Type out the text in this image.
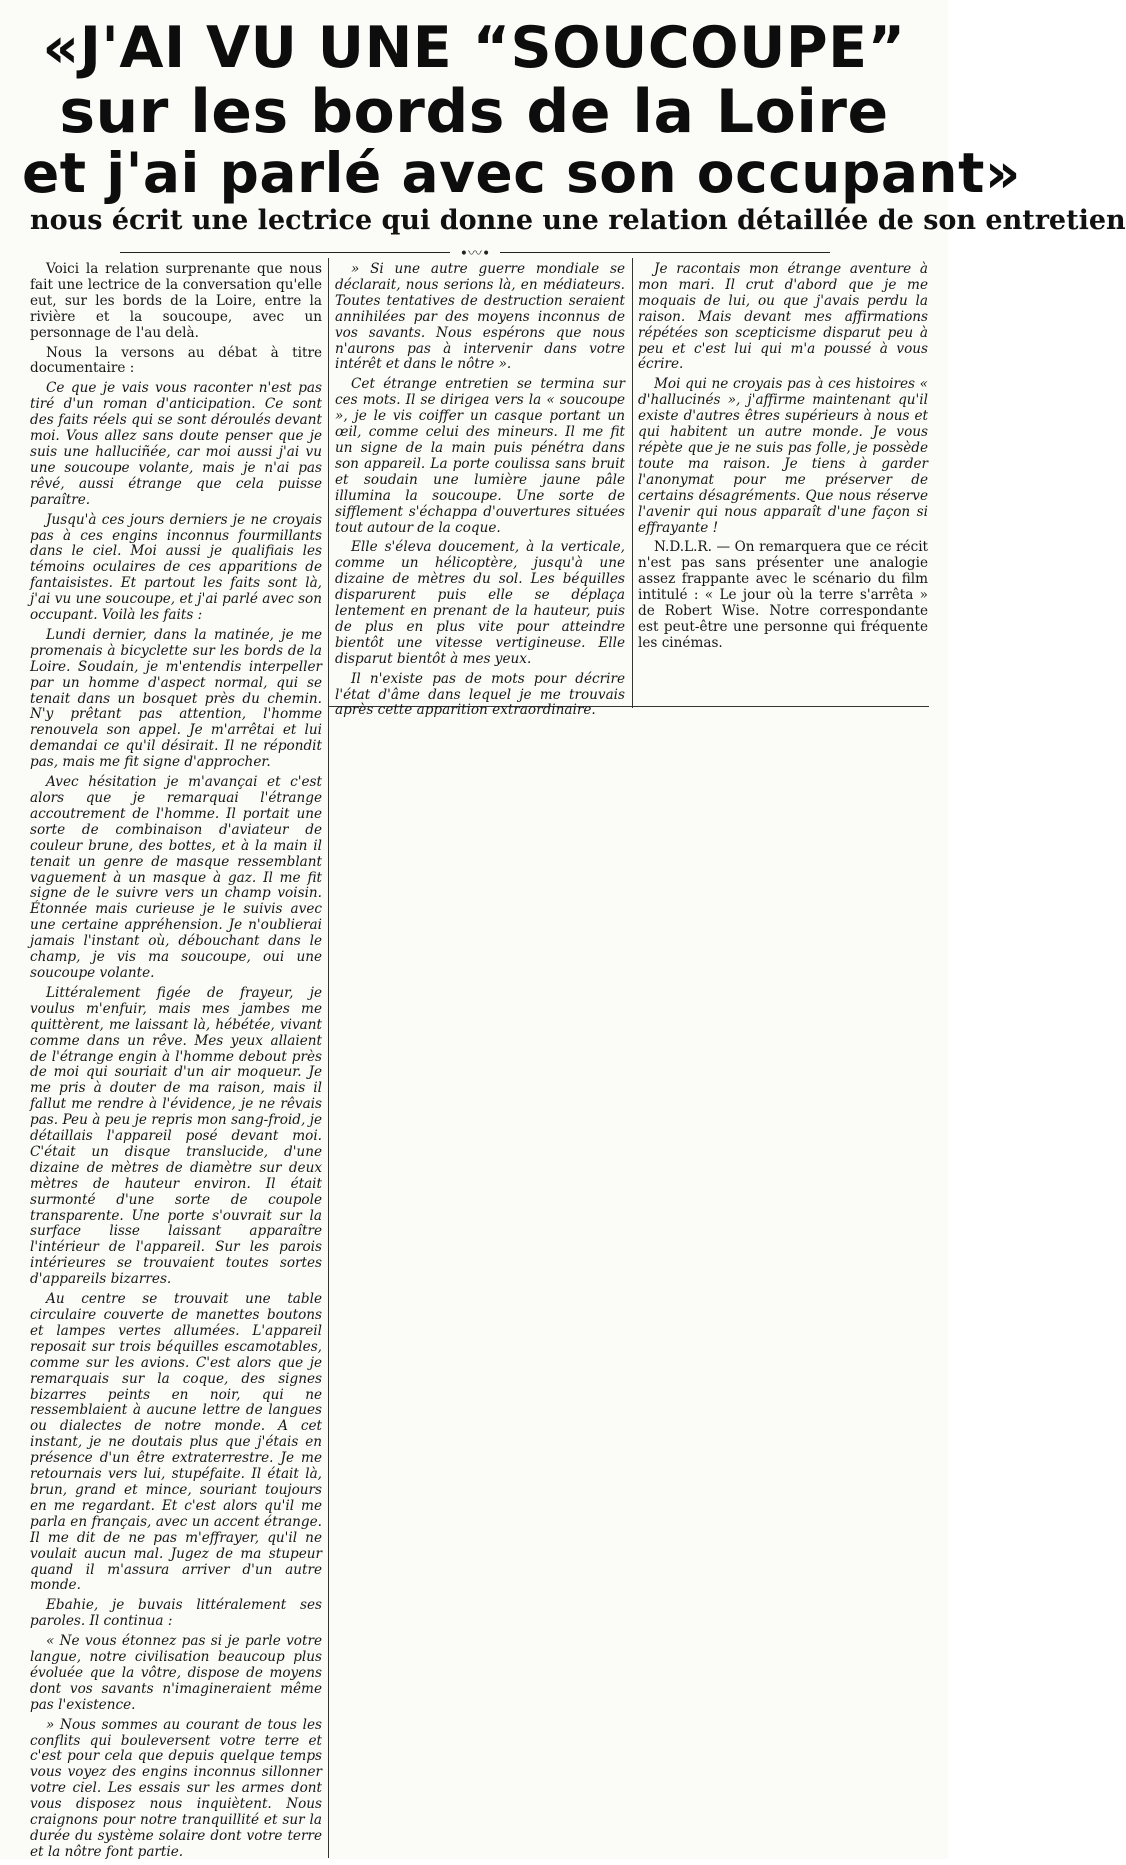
«J'AI VU UNE “SOUCOUPE”
sur les bords de la Loire
et j'ai parlé avec son occupant»
nous écrit une lectrice qui donne une relation détaillée de son entretien
•〰•

Voici la relation surprenante que nous fait une lectrice de la conversation qu'elle eut, sur les bords de la Loire, entre la rivière et la soucoupe, avec un personnage de l'au delà.

Nous la versons au débat à titre documentaire :

Ce que je vais vous raconter n'est pas tiré d'un roman d'anticipation. Ce sont des faits réels qui se sont déroulés devant moi. Vous allez sans doute penser que je suis une halluciñée, car moi aussi j'ai vu une soucoupe volante, mais je n'ai pas rêvé, aussi étrange que cela puisse paraître.

Jusqu'à ces jours derniers je ne croyais pas à ces engins inconnus fourmillants dans le ciel. Moi aussi je qualifiais les témoins oculaires de ces apparitions de fantaisistes. Et partout les faits sont là, j'ai vu une soucoupe, et j'ai parlé avec son occupant. Voilà les faits :

Lundi dernier, dans la matinée, je me promenais à bicyclette sur les bords de la Loire. Soudain, je m'entendis interpeller par un homme d'aspect normal, qui se tenait dans un bosquet près du chemin. N'y prêtant pas attention, l'homme renouvela son appel. Je m'arrêtai et lui demandai ce qu'il désirait. Il ne répondit pas, mais me fit signe d'approcher.

Avec hésitation je m'avançai et c'est alors que je remarquai l'étrange accoutrement de l'homme. Il portait une sorte de combinaison d'aviateur de couleur brune, des bottes, et à la main il tenait un genre de masque ressemblant vaguement à un masque à gaz. Il me fit signe de le suivre vers un champ voisin. Étonnée mais curieuse je le suivis avec une certaine appréhension. Je n'oublierai jamais l'instant où, débouchant dans le champ, je vis ma soucoupe, oui une soucoupe volante.

Littéralement figée de frayeur, je voulus m'enfuir, mais mes jambes me quittèrent, me laissant là, hébétée, vivant comme dans un rêve. Mes yeux allaient de l'étrange engin à l'homme debout près de moi qui souriait d'un air moqueur. Je me pris à douter de ma raison, mais il fallut me rendre à l'évidence, je ne rêvais pas. Peu à peu je repris mon sang-froid, je détaillais l'appareil posé devant moi. C'était un disque translucide, d'une dizaine de mètres de diamètre sur deux mètres de hauteur environ. Il était surmonté d'une sorte de coupole transparente. Une porte s'ouvrait sur la surface lisse laissant apparaître l'intérieur de l'appareil. Sur les parois intérieures se trouvaient toutes sortes d'appareils bizarres.

Au centre se trouvait une table circulaire couverte de manettes boutons et lampes vertes allumées. L'appareil reposait sur trois béquilles escamotables, comme sur les avions. C'est alors que je remarquais sur la coque, des signes bizarres peints en noir, qui ne ressemblaient à aucune lettre de langues ou dialectes de notre monde. A cet instant, je ne doutais plus que j'étais en présence d'un être extraterrestre. Je me retournais vers lui, stupéfaite. Il était là, brun, grand et mince, souriant toujours en me regardant. Et c'est alors qu'il me parla en français, avec un accent étrange. Il me dit de ne pas m'effrayer, qu'il ne voulait aucun mal. Jugez de ma stupeur quand il m'assura arriver d'un autre monde.

Ebahie, je buvais littéralement ses paroles. Il continua :

« Ne vous étonnez pas si je parle votre langue, notre civilisation beaucoup plus évoluée que la vôtre, dispose de moyens dont vos savants n'imagineraient même pas l'existence.

» Nous sommes au courant de tous les conflits qui bouleversent votre terre et c'est pour cela que depuis quelque temps vous voyez des engins inconnus sillonner votre ciel. Les essais sur les armes dont vous disposez nous inquiètent. Nous craignons pour notre tranquillité et sur la durée du système solaire dont votre terre et la nôtre font partie.

» Si une autre guerre mondiale se déclarait, nous serions là, en médiateurs. Toutes tentatives de destruction seraient annihilées par des moyens inconnus de vos savants. Nous espérons que nous n'aurons pas à intervenir dans votre intérêt et dans le nôtre ».

Cet étrange entretien se termina sur ces mots. Il se dirigea vers la « soucoupe », je le vis coiffer un casque portant un œil, comme celui des mineurs. Il me fit un signe de la main puis pénétra dans son appareil. La porte coulissa sans bruit et soudain une lumière jaune pâle illumina la soucoupe. Une sorte de sifflement s'échappa d'ouvertures situées tout autour de la coque.

Elle s'éleva doucement, à la verticale, comme un hélicoptère, jusqu'à une dizaine de mètres du sol. Les béquilles disparurent puis elle se déplaça lentement en prenant de la hauteur, puis de plus en plus vite pour atteindre bientôt une vitesse vertigineuse. Elle disparut bientôt à mes yeux.

Il n'existe pas de mots pour décrire l'état d'âme dans lequel je me trouvais après cette apparition extraordinaire.

Je racontais mon étrange aventure à mon mari. Il crut d'abord que je me moquais de lui, ou que j'avais perdu la raison. Mais devant mes affirmations répétées son scepticisme disparut peu à peu et c'est lui qui m'a poussé à vous écrire.

Moi qui ne croyais pas à ces histoires « d'hallucinés », j'affirme maintenant qu'il existe d'autres êtres supérieurs à nous et qui habitent un autre monde. Je vous répète que je ne suis pas folle, je possède toute ma raison. Je tiens à garder l'anonymat pour me préserver de certains désagréments. Que nous réserve l'avenir qui nous apparaît d'une façon si effrayante !

N.D.L.R. — On remarquera que ce récit n'est pas sans présenter une analogie assez frappante avec le scénario du film intitulé : « Le jour où la terre s'arrêta » de Robert Wise. Notre correspondante est peut-être une personne qui fréquente les cinémas.
